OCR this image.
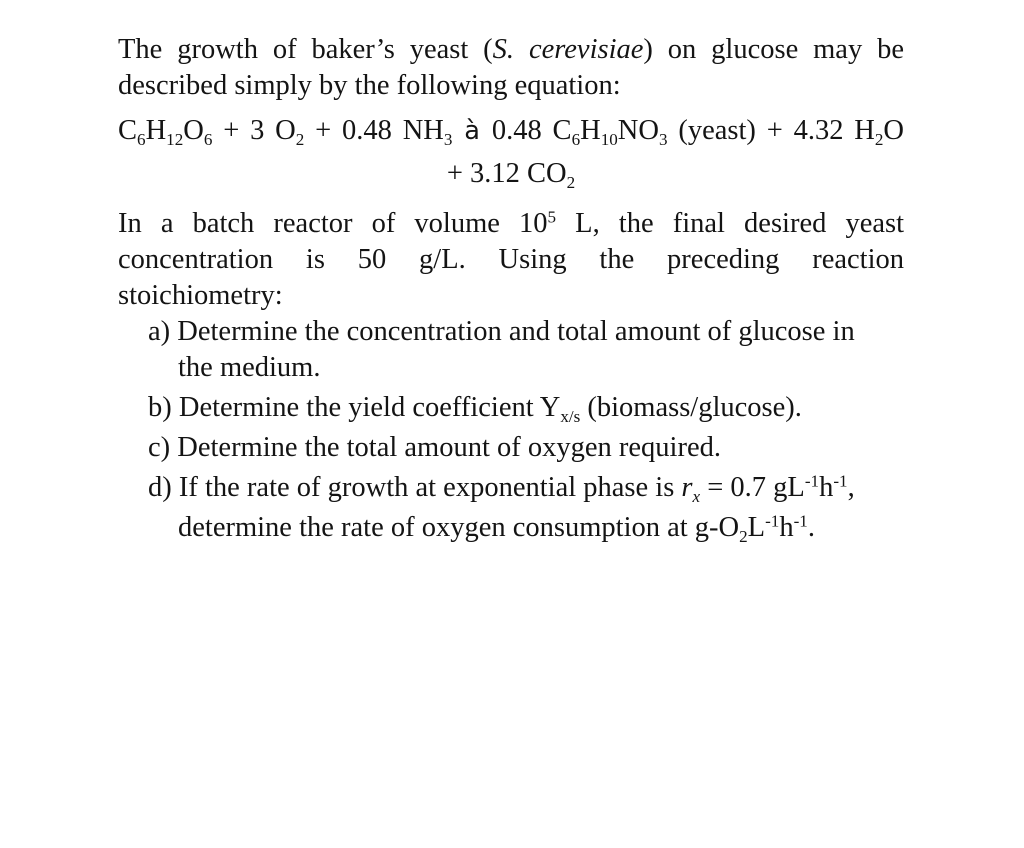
The growth of baker’s yeast (S. cerevisiae) on glucose may be
described simply by the following equation:
$C_6H_{12}O_6 + 3$ $O_2 + 0.48$ $NH_3$ à 0.48 $C_6H_{10}NO_3$ (yeast) + 4.32 $H_2O$
+ 3.12 $CO_2$
In a batch reactor of volume $10^5$ L, the final desired yeast
concentration is 50 g/L. Using the preceding reaction
stoichiometry:
a) Determine the concentration and total amount of glucose in
the medium.
b) Determine the yield coefficient $Y_{x/s}$ (biomass/glucose).
c) Determine the total amount of oxygen required.
d) If the rate of growth at exponential phase is $r_x = 0.7$ $gL^{-1}h^{-1}$,
determine the rate of oxygen consumption at $g-O_2L^{-1}h^{-1}$.
